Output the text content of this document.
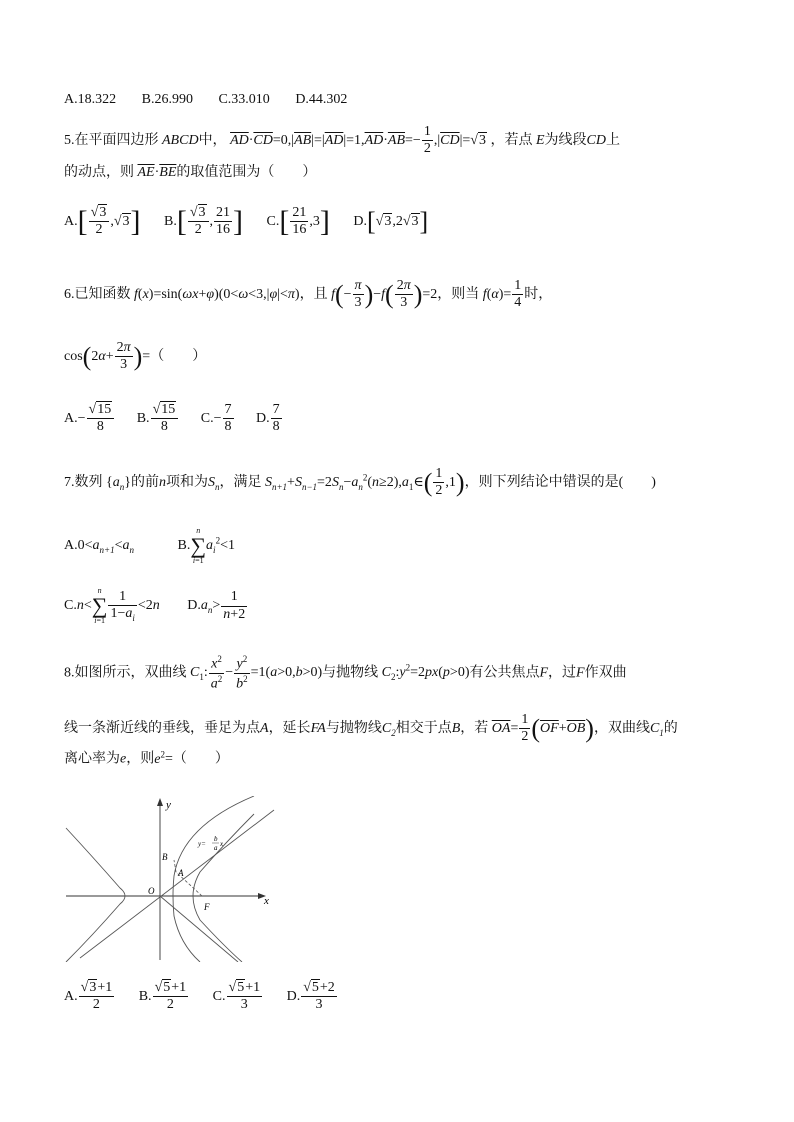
A.18.322 B.26.990 C.33.010 D.44.302
5.在平面四边形 ABCD中， $\overline{AD}\cdot\overline{CD}=0,|\overline{AB}|=|\overline{AD}|=1,\overline{AD}\cdot\overline{AB}=- \frac{1}{2} ,|\overline{CD}|=√3$ ，若点 E为线段CD上
的动点，则 $\overline{AE}\cdot\overline{BE}$的取值范围为（　　）
$A.[ \frac{√3}{2} ,√3]$ $B.[ \frac{√3}{2}$ , $\frac{21}{16}$ ] $C.[ \frac{21}{16} ,3]$ D.[√3,2√3]
6.已知函数 f(x)=sin(ωx+φ)(0<ω<3,|φ|<π)，且 $f(- \frac{\pi}{3} )-f( \frac{2\pi}{3} )=2$，则当 $f(\alpha)= \frac{1}{4}$ 时，
$\cos(2\alpha+ \frac{2\pi}{3}$ )=（　　）
$A.- \frac{√15}{8} B$. $\frac{√15}{8} C.- \frac{7}{8} D$. $\frac{7}{8}$
7.数列 $\{a_n\}$的前n项和为$S_n$，满足 $S_{n+1}+S_{n-1}=2S_n-a_n^2(n\ge 2),a_1\in( \frac{1}{2} ,1)$，则下列结论中错误的是(　　)
$A.0<a_{n+1}<a_n$	B.
n
∑
i=1
$a_i^2<1$
C.n<
n
∑
$i=1 \frac{1}{1-a_i} <2n$ $D.a_n> \frac{1}{n+2}$
8.如图所示，双曲线 $C_1$: $\frac{x^2}{a^2} - \frac{y^2}{b^2} =1(a>0,b>0)$与抛物线 $C_2:y^2=2px(p>0)$有公共焦点F，过F作双曲
线一条渐近线的垂线，垂足为点A，延长FA与抛物线$C_2$相交于点B，若 $\overline{OA}= \frac{1}{2} (\overline{OF}+\overline{OB})$，双曲线$C_1$的
离心率为e，则$e^2=$（　　）
y
x
O
B
A
F
y=
b
a x
A. $\frac{√3+1}{2} B$. $\frac{√5+1}{2} C$. $\frac{√5+1}{3} D$. $\frac{√5+2}{3}$
